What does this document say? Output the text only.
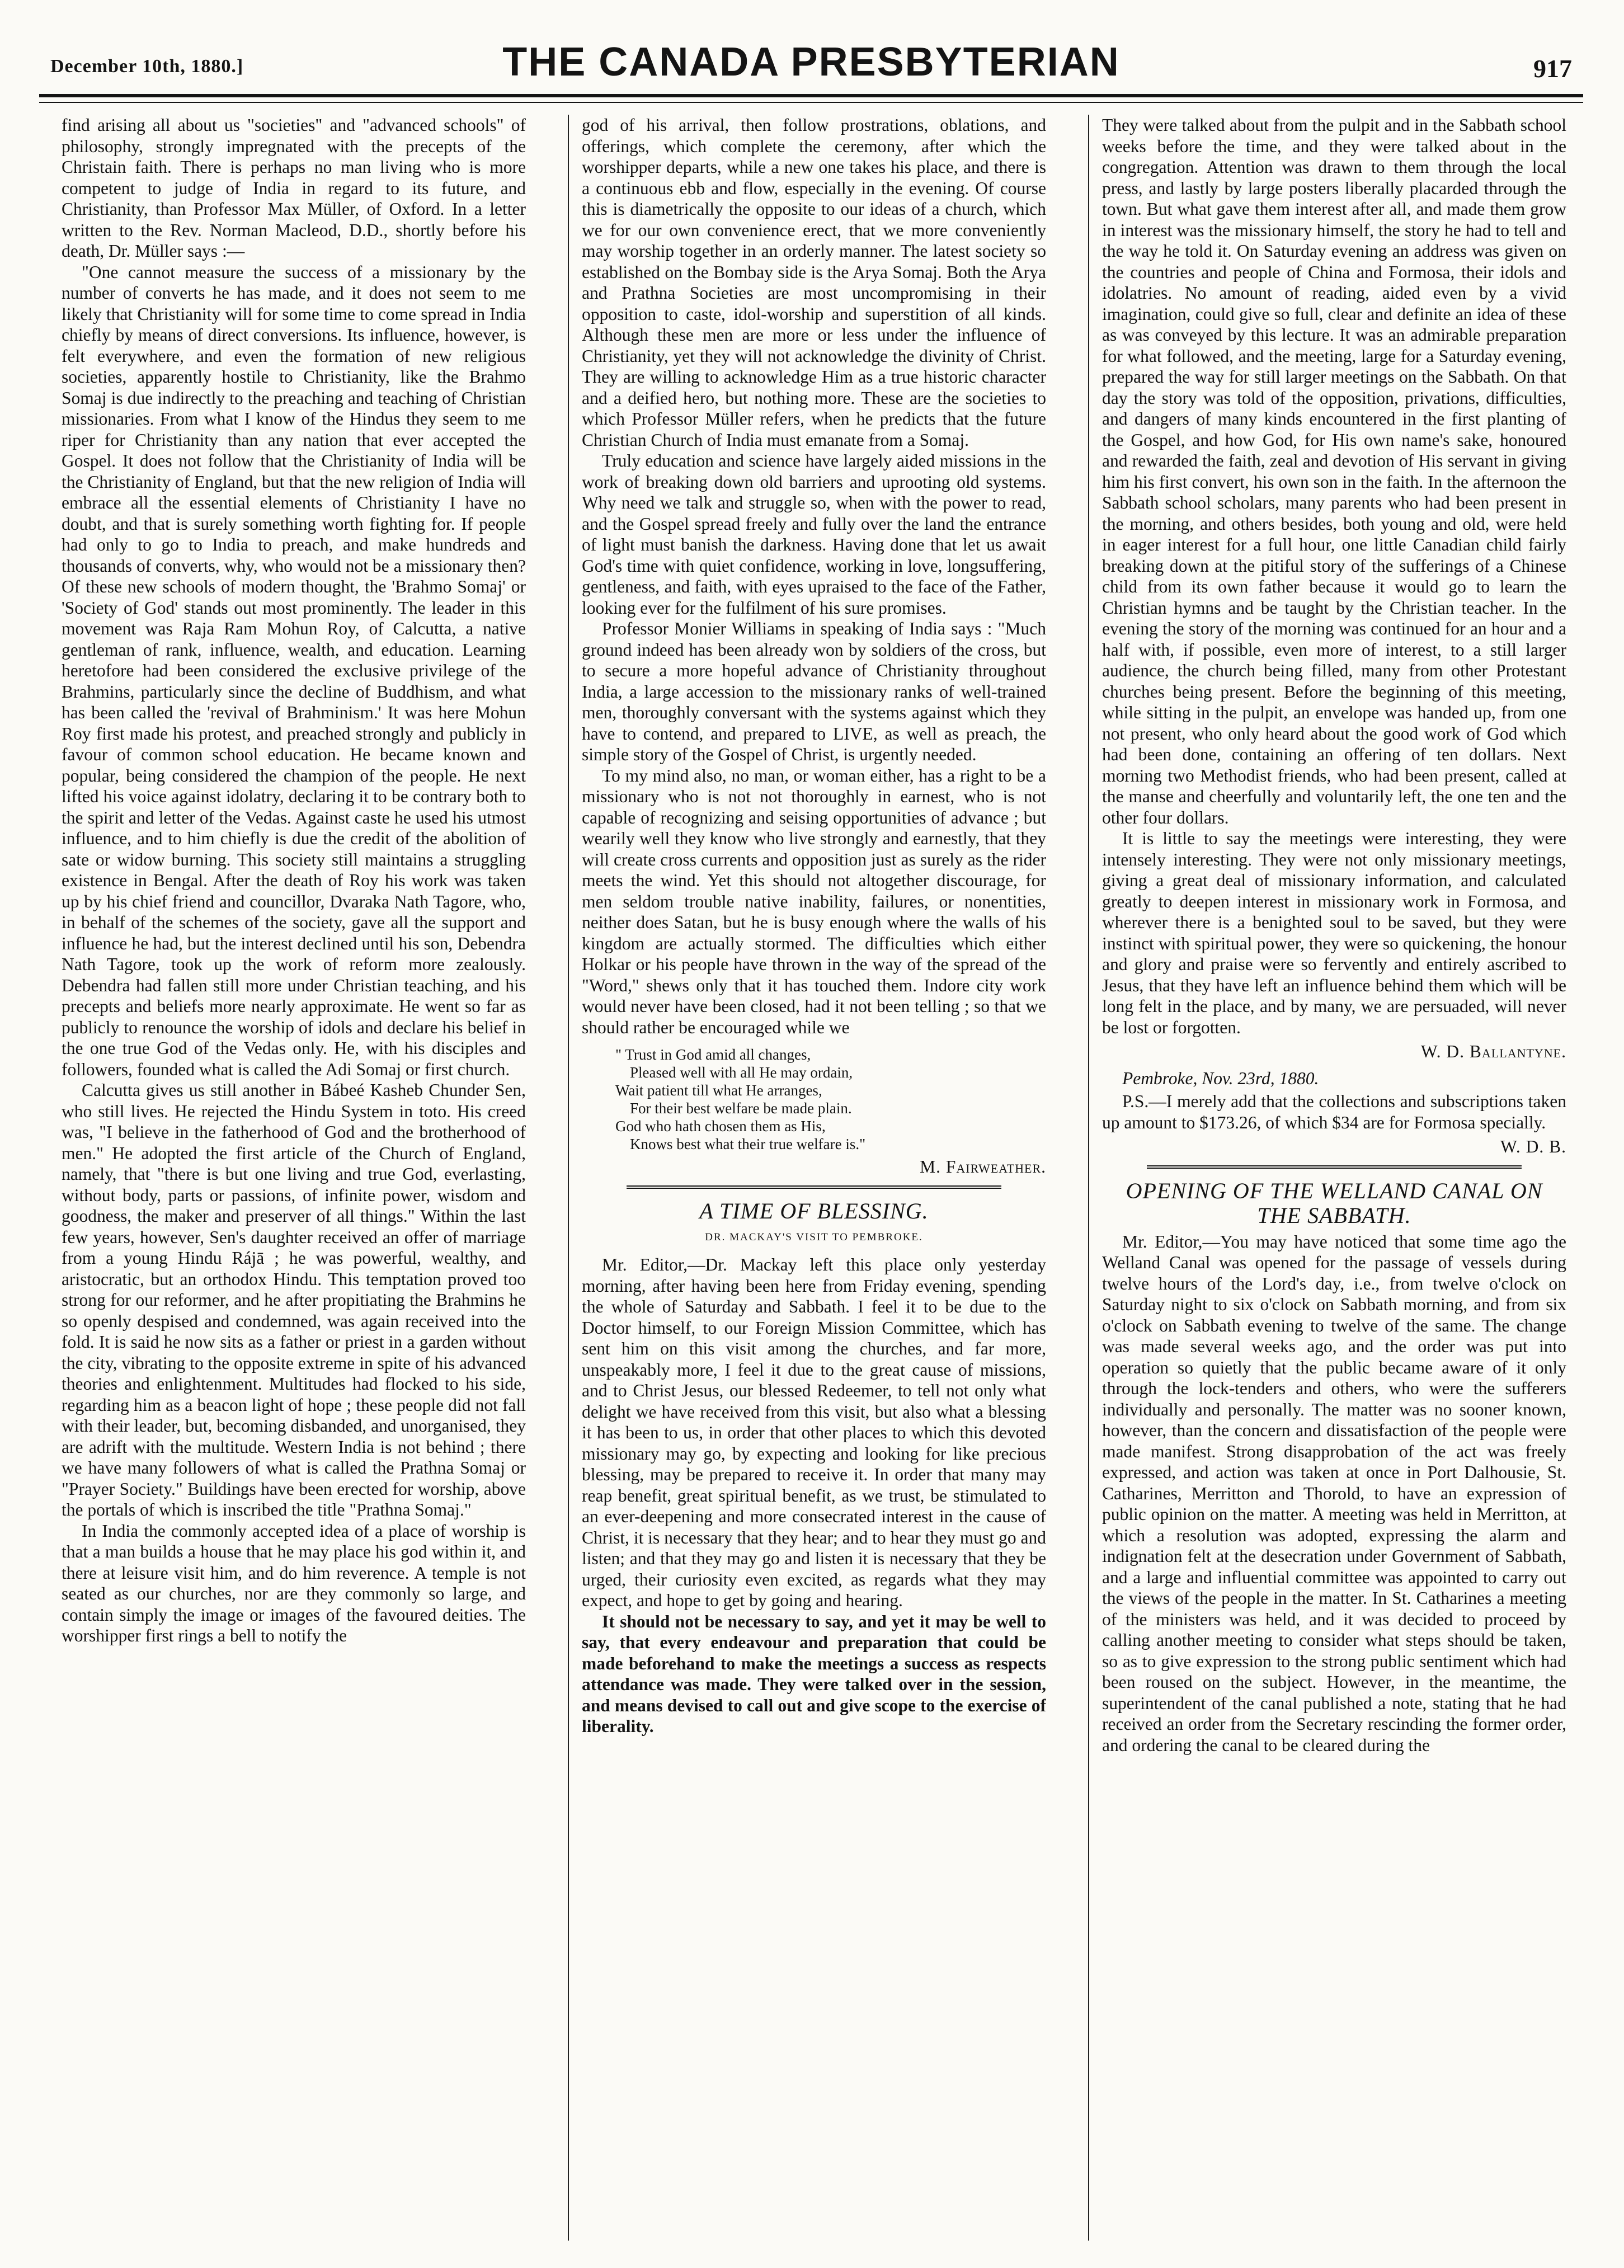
December 10th, 1880.]	THE CANADA PRESBYTERIAN	917

find arising all about us "societies" and "advanced schools" of philosophy, strongly impregnated with the precepts of the Christain faith. There is perhaps no man living who is more competent to judge of India in regard to its future, and Christianity, than Professor Max Müller, of Oxford. In a letter written to the Rev. Norman Macleod, D.D., shortly before his death, Dr. Müller says :—

"One cannot measure the success of a missionary by the number of converts he has made, and it does not seem to me likely that Christianity will for some time to come spread in India chiefly by means of direct conversions. Its influence, however, is felt everywhere, and even the formation of new religious societies, apparently hostile to Christianity, like the Brahmo Somaj is due indirectly to the preaching and teaching of Christian missionaries. From what I know of the Hindus they seem to me riper for Christianity than any nation that ever accepted the Gospel. It does not follow that the Christianity of India will be the Christianity of England, but that the new religion of India will embrace all the essential elements of Christianity I have no doubt, and that is surely something worth fighting for. If people had only to go to India to preach, and make hundreds and thousands of converts, why, who would not be a missionary then? Of these new schools of modern thought, the 'Brahmo Somaj' or 'Society of God' stands out most prominently. The leader in this movement was Raja Ram Mohun Roy, of Calcutta, a native gentleman of rank, influence, wealth, and education. Learning heretofore had been considered the exclusive privilege of the Brahmins, particularly since the decline of Buddhism, and what has been called the 'revival of Brahminism.' It was here Mohun Roy first made his protest, and preached strongly and publicly in favour of common school education. He became known and popular, being considered the champion of the people. He next lifted his voice against idolatry, declaring it to be contrary both to the spirit and letter of the Vedas. Against caste he used his utmost influence, and to him chiefly is due the credit of the abolition of sate or widow burning. This society still maintains a struggling existence in Bengal. After the death of Roy his work was taken up by his chief friend and councillor, Dvaraka Nath Tagore, who, in behalf of the schemes of the society, gave all the support and influence he had, but the interest declined until his son, Debendra Nath Tagore, took up the work of reform more zealously. Debendra had fallen still more under Christian teaching, and his precepts and beliefs more nearly approximate. He went so far as publicly to renounce the worship of idols and declare his belief in the one true God of the Vedas only. He, with his disciples and followers, founded what is called the Adi Somaj or first church.

Calcutta gives us still another in Bábeé Kasheb Chunder Sen, who still lives. He rejected the Hindu System in toto. His creed was, "I believe in the fatherhood of God and the brotherhood of men." He adopted the first article of the Church of England, namely, that "there is but one living and true God, everlasting, without body, parts or passions, of infinite power, wisdom and goodness, the maker and preserver of all things." Within the last few years, however, Sen's daughter received an offer of marriage from a young Hindu Rájā ; he was powerful, wealthy, and aristocratic, but an orthodox Hindu. This temptation proved too strong for our reformer, and he after propitiating the Brahmins he so openly despised and condemned, was again received into the fold. It is said he now sits as a father or priest in a garden without the city, vibrating to the opposite extreme in spite of his advanced theories and enlightenment. Multitudes had flocked to his side, regarding him as a beacon light of hope ; these people did not fall with their leader, but, becoming disbanded, and unorganised, they are adrift with the multitude. Western India is not behind ; there we have many followers of what is called the Prathna Somaj or "Prayer Society." Buildings have been erected for worship, above the portals of which is inscribed the title "Prathna Somaj."

In India the commonly accepted idea of a place of worship is that a man builds a house that he may place his god within it, and there at leisure visit him, and do him reverence. A temple is not seated as our churches, nor are they commonly so large, and contain simply the image or images of the favoured deities. The worshipper first rings a bell to notify the

god of his arrival, then follow prostrations, oblations, and offerings, which complete the ceremony, after which the worshipper departs, while a new one takes his place, and there is a continuous ebb and flow, especially in the evening. Of course this is diametrically the opposite to our ideas of a church, which we for our own convenience erect, that we more conveniently may worship together in an orderly manner. The latest society so established on the Bombay side is the Arya Somaj. Both the Arya and Prathna Societies are most uncompromising in their opposition to caste, idol-worship and superstition of all kinds. Although these men are more or less under the influence of Christianity, yet they will not acknowledge the divinity of Christ. They are willing to acknowledge Him as a true historic character and a deified hero, but nothing more. These are the societies to which Professor Müller refers, when he predicts that the future Christian Church of India must emanate from a Somaj.

Truly education and science have largely aided missions in the work of breaking down old barriers and uprooting old systems. Why need we talk and struggle so, when with the power to read, and the Gospel spread freely and fully over the land the entrance of light must banish the darkness. Having done that let us await God's time with quiet confidence, working in love, longsuffering, gentleness, and faith, with eyes upraised to the face of the Father, looking ever for the fulfilment of his sure promises.

Professor Monier Williams in speaking of India says : "Much ground indeed has been already won by soldiers of the cross, but to secure a more hopeful advance of Christianity throughout India, a large accession to the missionary ranks of well-trained men, thoroughly conversant with the systems against which they have to contend, and prepared to LIVE, as well as preach, the simple story of the Gospel of Christ, is urgently needed.

To my mind also, no man, or woman either, has a right to be a missionary who is not not thoroughly in earnest, who is not capable of recognizing and seising opportunities of advance ; but wearily well they know who live strongly and earnestly, that they will create cross currents and opposition just as surely as the rider meets the wind. Yet this should not altogether discourage, for men seldom trouble native inability, failures, or nonentities, neither does Satan, but he is busy enough where the walls of his kingdom are actually stormed. The difficulties which either Holkar or his people have thrown in the way of the spread of the "Word," shews only that it has touched them. Indore city work would never have been closed, had it not been telling ; so that we should rather be encouraged while we

" Trust in God amid all changes,
Pleased well with all He may ordain,
Wait patient till what He arranges,
For their best welfare be made plain.
God who hath chosen them as His,
Knows best what their true welfare is."
M. Fairweather.
A TIME OF BLESSING.
DR. MACKAY'S VISIT TO PEMBROKE.

Mr. Editor,—Dr. Mackay left this place only yesterday morning, after having been here from Friday evening, spending the whole of Saturday and Sabbath. I feel it to be due to the Doctor himself, to our Foreign Mission Committee, which has sent him on this visit among the churches, and far more, unspeakably more, I feel it due to the great cause of missions, and to Christ Jesus, our blessed Redeemer, to tell not only what delight we have received from this visit, but also what a blessing it has been to us, in order that other places to which this devoted missionary may go, by expecting and looking for like precious blessing, may be prepared to receive it. In order that many may reap benefit, great spiritual benefit, as we trust, be stimulated to an ever-deepening and more consecrated interest in the cause of Christ, it is necessary that they hear; and to hear they must go and listen; and that they may go and listen it is necessary that they be urged, their curiosity even excited, as regards what they may expect, and hope to get by going and hearing.

It should not be necessary to say, and yet it may be well to say, that every endeavour and preparation that could be made beforehand to make the meetings a success as respects attendance was made. They were talked over in the session, and means devised to call out and give scope to the exercise of liberality.

They were talked about from the pulpit and in the Sabbath school weeks before the time, and they were talked about in the congregation. Attention was drawn to them through the local press, and lastly by large posters liberally placarded through the town. But what gave them interest after all, and made them grow in interest was the missionary himself, the story he had to tell and the way he told it. On Saturday evening an address was given on the countries and people of China and Formosa, their idols and idolatries. No amount of reading, aided even by a vivid imagination, could give so full, clear and definite an idea of these as was conveyed by this lecture. It was an admirable preparation for what followed, and the meeting, large for a Saturday evening, prepared the way for still larger meetings on the Sabbath. On that day the story was told of the opposition, privations, difficulties, and dangers of many kinds encountered in the first planting of the Gospel, and how God, for His own name's sake, honoured and rewarded the faith, zeal and devotion of His servant in giving him his first convert, his own son in the faith. In the afternoon the Sabbath school scholars, many parents who had been present in the morning, and others besides, both young and old, were held in eager interest for a full hour, one little Canadian child fairly breaking down at the pitiful story of the sufferings of a Chinese child from its own father because it would go to learn the Christian hymns and be taught by the Christian teacher. In the evening the story of the morning was continued for an hour and a half with, if possible, even more of interest, to a still larger audience, the church being filled, many from other Protestant churches being present. Before the beginning of this meeting, while sitting in the pulpit, an envelope was handed up, from one not present, who only heard about the good work of God which had been done, containing an offering of ten dollars. Next morning two Methodist friends, who had been present, called at the manse and cheerfully and voluntarily left, the one ten and the other four dollars.

It is little to say the meetings were interesting, they were intensely interesting. They were not only missionary meetings, giving a great deal of missionary information, and calculated greatly to deepen interest in missionary work in Formosa, and wherever there is a benighted soul to be saved, but they were instinct with spiritual power, they were so quickening, the honour and glory and praise were so fervently and entirely ascribed to Jesus, that they have left an influence behind them which will be long felt in the place, and by many, we are persuaded, will never be lost or forgotten.

W. D. Ballantyne.
Pembroke, Nov. 23rd, 1880.

P.S.—I merely add that the collections and subscriptions taken up amount to $173.26, of which $34 are for Formosa specially.

W. D. B.
OPENING OF THE WELLAND CANAL ON THE SABBATH.

Mr. Editor,—You may have noticed that some time ago the Welland Canal was opened for the passage of vessels during twelve hours of the Lord's day, i.e., from twelve o'clock on Saturday night to six o'clock on Sabbath morning, and from six o'clock on Sabbath evening to twelve of the same. The change was made several weeks ago, and the order was put into operation so quietly that the public became aware of it only through the lock-tenders and others, who were the sufferers individually and personally. The matter was no sooner known, however, than the concern and dissatisfaction of the people were made manifest. Strong disapprobation of the act was freely expressed, and action was taken at once in Port Dalhousie, St. Catharines, Merritton and Thorold, to have an expression of public opinion on the matter. A meeting was held in Merritton, at which a resolution was adopted, expressing the alarm and indignation felt at the desecration under Government of Sabbath, and a large and influential committee was appointed to carry out the views of the people in the matter. In St. Catharines a meeting of the ministers was held, and it was decided to proceed by calling another meeting to consider what steps should be taken, so as to give expression to the strong public sentiment which had been roused on the subject. However, in the meantime, the superintendent of the canal published a note, stating that he had received an order from the Secretary rescinding the former order, and ordering the canal to be cleared during the
